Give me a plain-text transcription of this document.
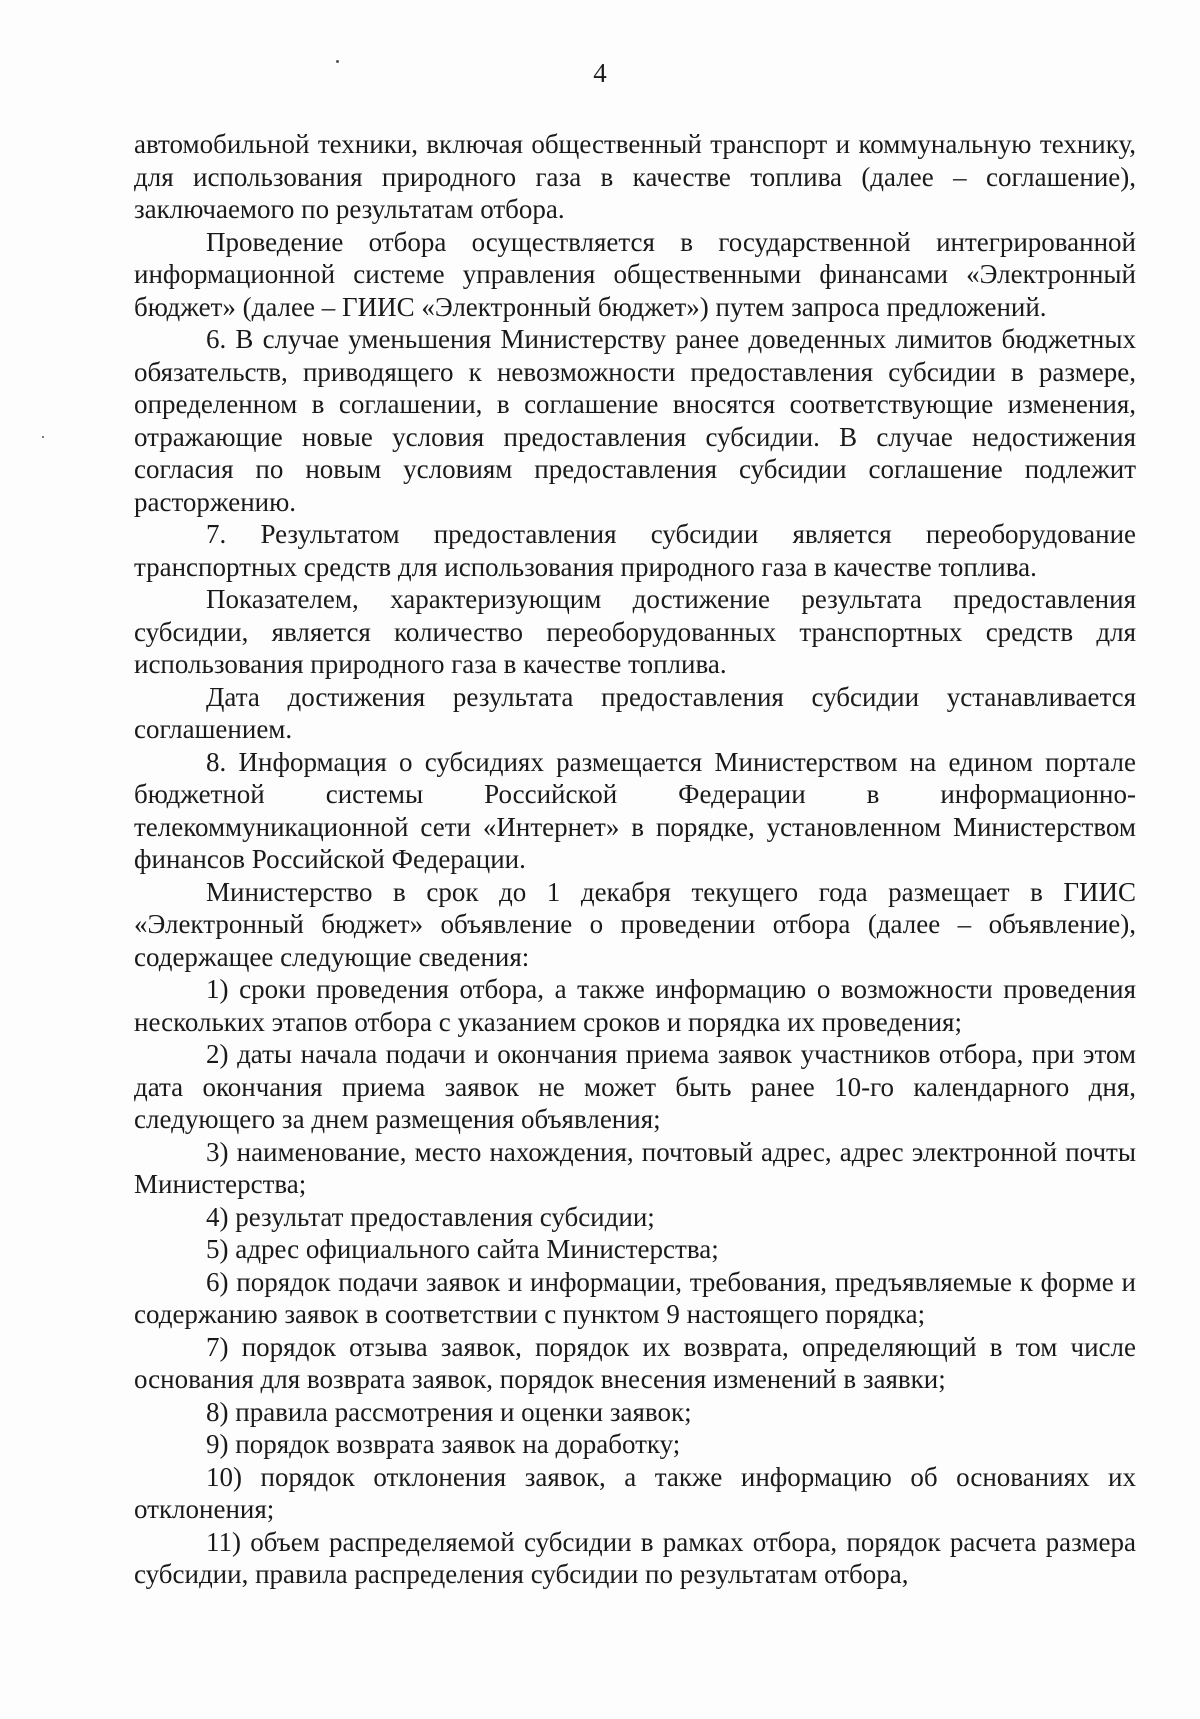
4

автомобильной техники, включая общественный транспорт и коммунальную технику, для использования природного газа в качестве топлива (далее – соглашение), заключаемого по результатам отбора.

Проведение отбора осуществляется в государственной интегрированной информационной системе управления общественными финансами «Электронный бюджет» (далее – ГИИС «Электронный бюджет») путем запроса предложений.

6. В случае уменьшения Министерству ранее доведенных лимитов бюджетных обязательств, приводящего к невозможности предоставления субсидии в размере, определенном в соглашении, в соглашение вносятся соответствующие изменения, отражающие новые условия предоставления субсидии. В случае недостижения согласия по новым условиям предоставления субсидии соглашение подлежит расторжению.

7. Результатом предоставления субсидии является переоборудование транспортных средств для использования природного газа в качестве топлива.

Показателем, характеризующим достижение результата предоставления субсидии, является количество переоборудованных транспортных средств для использования природного газа в качестве топлива.

Дата достижения результата предоставления субсидии устанавливается соглашением.

8. Информация о субсидиях размещается Министерством на едином портале бюджетной системы Российской Федерации в информационно-телекоммуникационной сети «Интернет» в порядке, установленном Министерством финансов Российской Федерации.

Министерство в срок до 1 декабря текущего года размещает в ГИИС «Электронный бюджет» объявление о проведении отбора (далее – объявление), содержащее следующие сведения:

1) сроки проведения отбора, а также информацию о возможности проведения нескольких этапов отбора с указанием сроков и порядка их проведения;

2) даты начала подачи и окончания приема заявок участников отбора, при этом дата окончания приема заявок не может быть ранее 10-го календарного дня, следующего за днем размещения объявления;

3) наименование, место нахождения, почтовый адрес, адрес электронной почты Министерства;

4) результат предоставления субсидии;

5) адрес официального сайта Министерства;

6) порядок подачи заявок и информации, требования, предъявляемые к форме и содержанию заявок в соответствии с пунктом 9 настоящего порядка;

7) порядок отзыва заявок, порядок их возврата, определяющий в том числе основания для возврата заявок, порядок внесения изменений в заявки;

8) правила рассмотрения и оценки заявок;

9) порядок возврата заявок на доработку;

10) порядок отклонения заявок, а также информацию об основаниях их отклонения;

11) объем распределяемой субсидии в рамках отбора, порядок расчета размера субсидии, правила распределения субсидии по результатам отбора,
